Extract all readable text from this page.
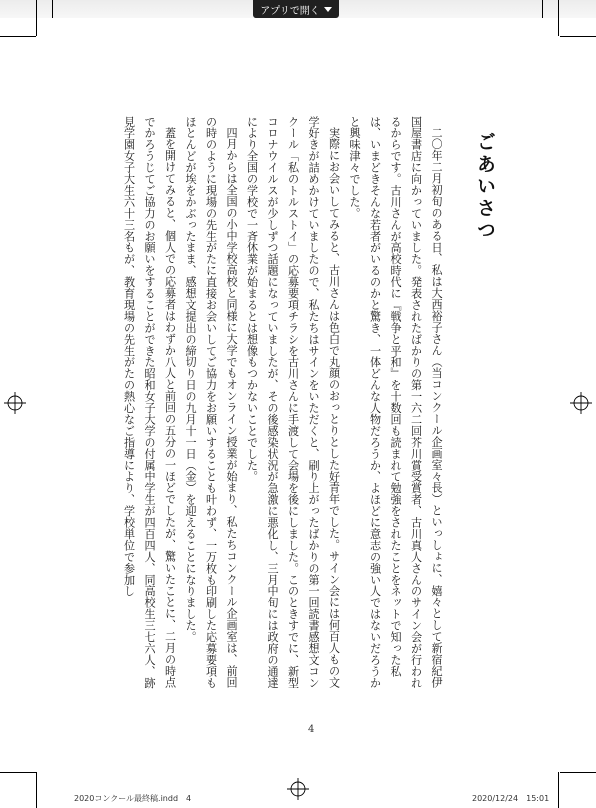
アプリで開く
ごあいさつ

二〇年二月初旬のある日、私は大西裕子さん（当コンクール企画室々長）といっしょに、嬉々として新宿紀伊国屋書店に向かっていました。発表されたばかりの第一六二回芥川賞受賞者、古川真人さんのサイン会が行われるからです。古川さんが高校時代に『戦争と平和』を十数回も読まれて勉強をされたことをネットで知った私は、いまどきそんな若者がいるのかと驚き、一体どんな人物だろうか、よほどに意志の強い人ではないだろうかと興味津々でした。

実際にお会いしてみると、古川さんは色白で丸顔のおっとりとした好青年でした。サイン会には何百人もの文学好きが詰めかけていましたので、私たちはサインをいただくと、刷り上がったばかりの第一回読書感想文コンクール「私のトルストイ」の応募要項チラシを古川さんに手渡して会場を後にしました。このときすでに、新型コロナウイルスが少しずつ話題になっていましたが、その後感染状況が急激に悪化し、三月中旬には政府の通達により全国の学校で一斉休業が始まるとは想像もつかないことでした。

四月からは全国の小中学校高校と同様に大学でもオンライン授業が始まり、私たちコンクール企画室は、前回の時のように現場の先生がたに直接お会いしてご協力をお願いすることも叶わず、一万枚も印刷した応募要項もほとんどが埃をかぶったまま、感想文提出の締切り日の九月十一日（金）を迎えることになりました。

蓋を開けてみると、個人での応募者はわずか八人と前回の五分の一ほどでしたが、驚いたことに、二月の時点でかろうじてご協力のお願いをすることができた昭和女子大学の付属中学生が四百四人、同高校生三七六人、跡見学園女子大生六十三名もが、教育現場の先生がたの熱心なご指導により、学校単位で参加し

4
2020コンクール最終稿.indd　4	2020/12/24　15:01
